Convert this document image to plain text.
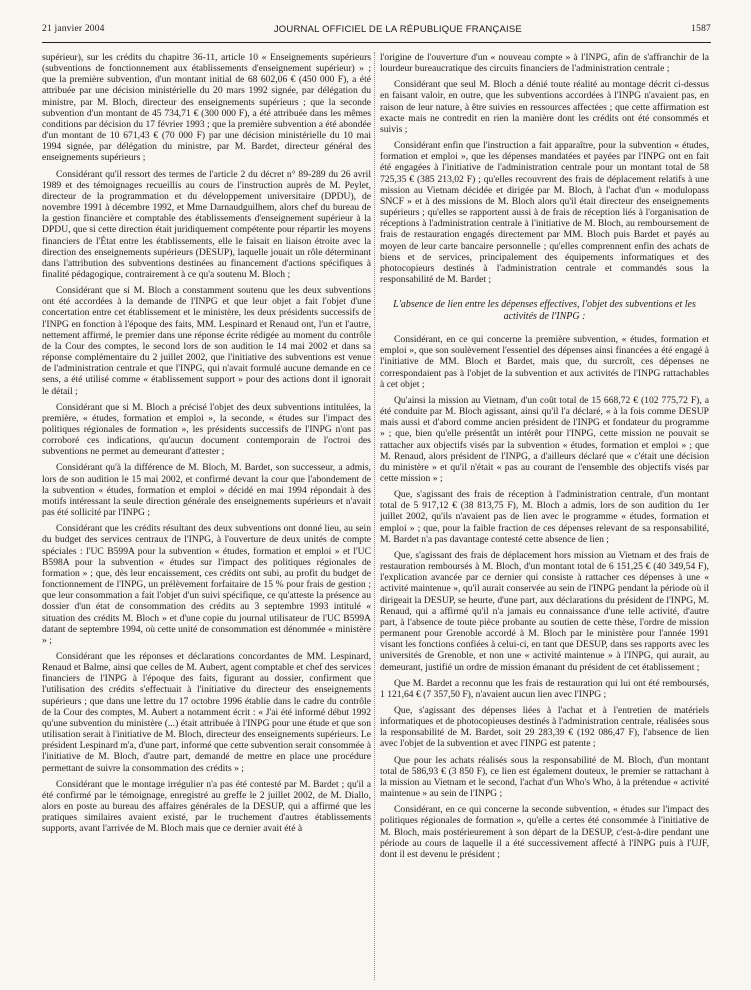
21 janvier 2004	JOURNAL OFFICIEL DE LA RÉPUBLIQUE FRANÇAISE	1587

supérieur), sur les crédits du chapitre 36-11, article 10 « Enseignements supérieurs (subventions de fonctionnement aux établissements d'enseignement supérieur) » ; que la première subvention, d'un montant initial de 68 602,06 € (450 000 F), a été attribuée par une décision ministérielle du 20 mars 1992 signée, par délégation du ministre, par M. Bloch, directeur des enseignements supérieurs ; que la seconde subvention d'un montant de 45 734,71 € (300 000 F), a été attribuée dans les mêmes conditions par décision du 17 février 1993 ; que la première subvention a été abondée d'un montant de 10 671,43 € (70 000 F) par une décision ministérielle du 10 mai 1994 signée, par délégation du ministre, par M. Bardet, directeur général des enseignements supérieurs ;

Considérant qu'il ressort des termes de l'article 2 du décret n° 89-289 du 26 avril 1989 et des témoignages recueillis au cours de l'instruction auprès de M. Peylet, directeur de la programmation et du développement universitaire (DPDU), de novembre 1991 à décembre 1992, et Mme Darnaudguilhem, alors chef du bureau de la gestion financière et comptable des établissements d'enseignement supérieur à la DPDU, que si cette direction était juridiquement compétente pour répartir les moyens financiers de l'État entre les établissements, elle le faisait en liaison étroite avec la direction des enseignements supérieurs (DESUP), laquelle jouait un rôle déterminant dans l'attribution des subventions destinées au financement d'actions spécifiques à finalité pédagogique, contrairement à ce qu'a soutenu M. Bloch ;

Considérant que si M. Bloch a constamment soutenu que les deux subventions ont été accordées à la demande de l'INPG et que leur objet a fait l'objet d'une concertation entre cet établissement et le ministère, les deux présidents successifs de l'INPG en fonction à l'époque des faits, MM. Lespinard et Renaud ont, l'un et l'autre, nettement affirmé, le premier dans une réponse écrite rédigée au moment du contrôle de la Cour des comptes, le second lors de son audition le 14 mai 2002 et dans sa réponse complémentaire du 2 juillet 2002, que l'initiative des subventions est venue de l'administration centrale et que l'INPG, qui n'avait formulé aucune demande en ce sens, a été utilisé comme « établissement support » pour des actions dont il ignorait le détail ;

Considérant que si M. Bloch a précisé l'objet des deux subventions intitulées, la première, « études, formation et emploi », la seconde, « études sur l'impact des politiques régionales de formation », les présidents successifs de l'INPG n'ont pas corroboré ces indications, qu'aucun document contemporain de l'octroi des subventions ne permet au demeurant d'attester ;

Considérant qu'à la différence de M. Bloch, M. Bardet, son successeur, a admis, lors de son audition le 15 mai 2002, et confirmé devant la cour que l'abondement de la subvention « études, formation et emploi » décidé en mai 1994 répondait à des motifs intéressant la seule direction générale des enseignements supérieurs et n'avait pas été sollicité par l'INPG ;

Considérant que les crédits résultant des deux subventions ont donné lieu, au sein du budget des services centraux de l'INPG, à l'ouverture de deux unités de compte spéciales : l'UC B599A pour la subvention « études, formation et emploi » et l'UC B598A pour la subvention « études sur l'impact des politiques régionales de formation » ; que, dès leur encaissement, ces crédits ont subi, au profit du budget de fonctionnement de l'INPG, un prélèvement forfaitaire de 15 % pour frais de gestion ; que leur consommation a fait l'objet d'un suivi spécifique, ce qu'atteste la présence au dossier d'un état de consommation des crédits au 3 septembre 1993 intitulé « situation des crédits M. Bloch » et d'une copie du journal utilisateur de l'UC B599A datant de septembre 1994, où cette unité de consommation est dénommée « ministère » ;

Considérant que les réponses et déclarations concordantes de MM. Lespinard, Renaud et Balme, ainsi que celles de M. Aubert, agent comptable et chef des services financiers de l'INPG à l'époque des faits, figurant au dossier, confirment que l'utilisation des crédits s'effectuait à l'initiative du directeur des enseignements supérieurs ; que dans une lettre du 17 octobre 1996 établie dans le cadre du contrôle de la Cour des comptes, M. Aubert a notamment écrit : « J'ai été informé début 1992 qu'une subvention du ministère (...) était attribuée à l'INPG pour une étude et que son utilisation serait à l'initiative de M. Bloch, directeur des enseignements supérieurs. Le président Lespinard m'a, d'une part, informé que cette subvention serait consommée à l'initiative de M. Bloch, d'autre part, demandé de mettre en place une procédure permettant de suivre la consommation des crédits » ;

Considérant que le montage irrégulier n'a pas été contesté par M. Bardet ; qu'il a été confirmé par le témoignage, enregistré au greffe le 2 juillet 2002, de M. Diallo, alors en poste au bureau des affaires générales de la DESUP, qui a affirmé que les pratiques similaires avaient existé, par le truchement d'autres établissements supports, avant l'arrivée de M. Bloch mais que ce dernier avait été à

l'origine de l'ouverture d'un « nouveau compte » à l'INPG, afin de s'affranchir de la lourdeur bureaucratique des circuits financiers de l'administration centrale ;

Considérant que seul M. Bloch a dénié toute réalité au montage décrit ci-dessus en faisant valoir, en outre, que les subventions accordées à l'INPG n'avaient pas, en raison de leur nature, à être suivies en ressources affectées ; que cette affirmation est exacte mais ne contredit en rien la manière dont les crédits ont été consommés et suivis ;

Considérant enfin que l'instruction a fait apparaître, pour la subvention « études, formation et emploi », que les dépenses mandatées et payées par l'INPG ont en fait été engagées à l'initiative de l'administration centrale pour un montant total de 58 725,35 € (385 213,02 F) ; qu'elles recouvrent des frais de déplacement relatifs à une mission au Vietnam décidée et dirigée par M. Bloch, à l'achat d'un « modulopass SNCF » et à des missions de M. Bloch alors qu'il était directeur des enseignements supérieurs ; qu'elles se rapportent aussi à de frais de réception liés à l'organisation de réceptions à l'administration centrale à l'initiative de M. Bloch, au remboursement de frais de restauration engagés directement par MM. Bloch puis Bardet et payés au moyen de leur carte bancaire personnelle ; qu'elles comprennent enfin des achats de biens et de services, principalement des équipements informatiques et des photocopieurs destinés à l'administration centrale et commandés sous la responsabilité de M. Bardet ;

L'absence de lien entre les dépenses effectives, l'objet des subventions et les activités de l'INPG :

Considérant, en ce qui concerne la première subvention, « études, formation et emploi », que son soulèvement l'essentiel des dépenses ainsi financées a été engagé à l'initiative de MM. Bloch et Bardet, mais que, du surcroît, ces dépenses ne correspondaient pas à l'objet de la subvention et aux activités de l'INPG rattachables à cet objet ;

Qu'ainsi la mission au Vietnam, d'un coût total de 15 668,72 € (102 775,72 F), a été conduite par M. Bloch agissant, ainsi qu'il l'a déclaré, « à la fois comme DESUP mais aussi et d'abord comme ancien président de l'INPG et fondateur du programme » ; que, bien qu'elle présentât un intérêt pour l'INPG, cette mission ne pouvait se rattacher aux objectifs visés par la subvention « études, formation et emploi » ; que M. Renaud, alors président de l'INPG, a d'ailleurs déclaré que « c'était une décision du ministère » et qu'il n'était « pas au courant de l'ensemble des objectifs visés par cette mission » ;

Que, s'agissant des frais de réception à l'administration centrale, d'un montant total de 5 917,12 € (38 813,75 F), M. Bloch a admis, lors de son audition du 1er juillet 2002, qu'ils n'avaient pas de lien avec le programme « études, formation et emploi » ; que, pour la faible fraction de ces dépenses relevant de sa responsabilité, M. Bardet n'a pas davantage contesté cette absence de lien ;

Que, s'agissant des frais de déplacement hors mission au Vietnam et des frais de restauration remboursés à M. Bloch, d'un montant total de 6 151,25 € (40 349,54 F), l'explication avancée par ce dernier qui consiste à rattacher ces dépenses à une « activité maintenue », qu'il aurait conservée au sein de l'INPG pendant la période où il dirigeait la DESUP, se heurte, d'une part, aux déclarations du président de l'INPG, M. Renaud, qui a affirmé qu'il n'a jamais eu connaissance d'une telle activité, d'autre part, à l'absence de toute pièce probante au soutien de cette thèse, l'ordre de mission permanent pour Grenoble accordé à M. Bloch par le ministère pour l'année 1991 visant les fonctions confiées à celui-ci, en tant que DESUP, dans ses rapports avec les universités de Grenoble, et non une « activité maintenue » à l'INPG, qui aurait, au demeurant, justifié un ordre de mission émanant du président de cet établissement ;

Que M. Bardet a reconnu que les frais de restauration qui lui ont été remboursés, 1 121,64 € (7 357,50 F), n'avaient aucun lien avec l'INPG ;

Que, s'agissant des dépenses liées à l'achat et à l'entretien de matériels informatiques et de photocopieuses destinés à l'administration centrale, réalisées sous la responsabilité de M. Bardet, soit 29 283,39 € (192 086,47 F), l'absence de lien avec l'objet de la subvention et avec l'INPG est patente ;

Que pour les achats réalisés sous la responsabilité de M. Bloch, d'un montant total de 586,93 € (3 850 F), ce lien est également douteux, le premier se rattachant à la mission au Vietnam et le second, l'achat d'un Who's Who, à la prétendue « activité maintenue » au sein de l'INPG ;

Considérant, en ce qui concerne la seconde subvention, « études sur l'impact des politiques régionales de formation », qu'elle a certes été consommée à l'initiative de M. Bloch, mais postérieurement à son départ de la DESUP, c'est-à-dire pendant une période au cours de laquelle il a été successivement affecté à l'INPG puis à l'UJF, dont il est devenu le président ;
